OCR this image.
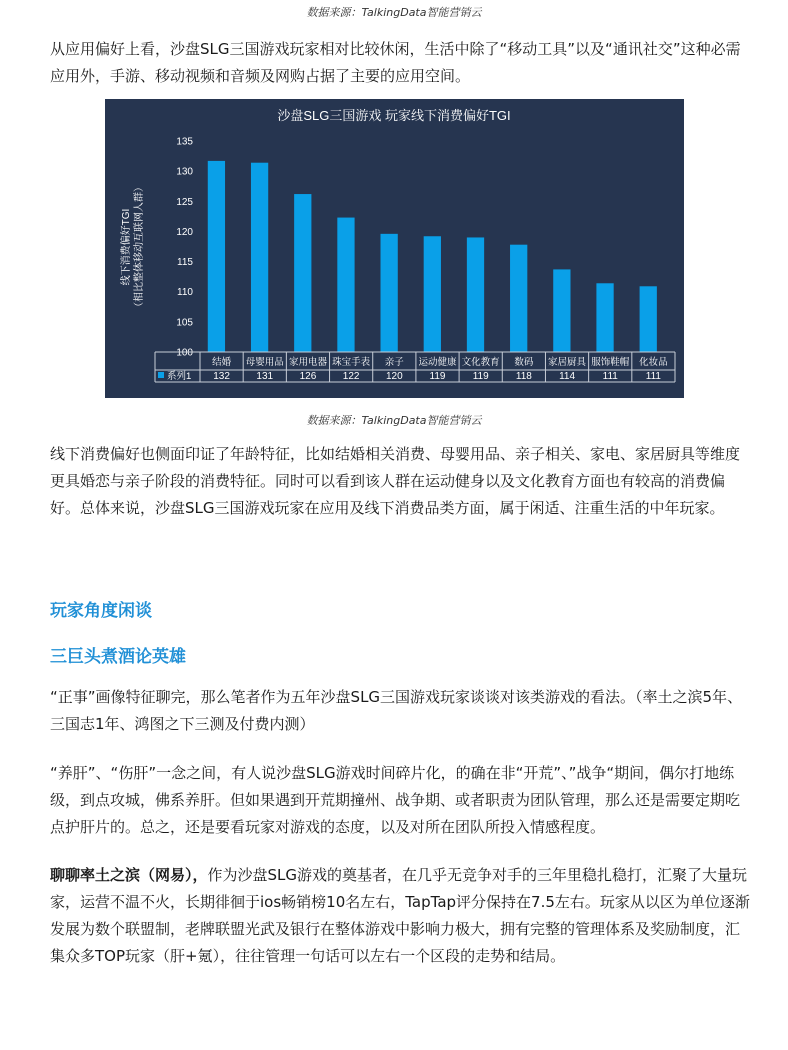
数据来源：TalkingData智能营销云

从应用偏好上看，沙盘SLG三国游戏玩家相对比较休闲，生活中除了“移动工具”以及“通讯社交”这种必需应用外，手游、移动视频和音频及网购占据了主要的应用空间。

沙盘SLG三国游戏 玩家线下消费偏好TGI
线下消费偏好TGI （相比整体移动互联网人群）
135
130
125
120
115
110
105
100
结婚 母婴用品 家用电器 珠宝手表 亲子 运动健康 文化教育 数码 家居厨具 服饰鞋帽 化妆品
132	131	126	122	120	119	119	118	114	111	111
系列1
数据来源：TalkingData智能营销云

线下消费偏好也侧面印证了年龄特征，比如结婚相关消费、母婴用品、亲子相关、家电、家居厨具等维度更具婚恋与亲子阶段的消费特征。同时可以看到该人群在运动健身以及文化教育方面也有较高的消费偏好。总体来说，沙盘SLG三国游戏玩家在应用及线下消费品类方面，属于闲适、注重生活的中年玩家。

玩家角度闲谈
三巨头煮酒论英雄

“正事”画像特征聊完，那么笔者作为五年沙盘SLG三国游戏玩家谈谈对该类游戏的看法。（率土之滨5年、三国志1年、鸿图之下三测及付费内测）

“养肝”、“伤肝”一念之间，有人说沙盘SLG游戏时间碎片化，的确在非“开荒”、”战争“期间，偶尔打地练级，到点攻城，佛系养肝。但如果遇到开荒期撞州、战争期、或者职责为团队管理，那么还是需要定期吃点护肝片的。总之，还是要看玩家对游戏的态度，以及对所在团队所投入情感程度。

聊聊率土之滨（网易），作为沙盘SLG游戏的奠基者，在几乎无竞争对手的三年里稳扎稳打，汇聚了大量玩家，运营不温不火，长期徘徊于ios畅销榜10名左右，TapTap评分保持在7.5左右。玩家从以区为单位逐渐发展为数个联盟制，老牌联盟光武及银行在整体游戏中影响力极大，拥有完整的管理体系及奖励制度，汇集众多TOP玩家（肝+氪），往往管理一句话可以左右一个区段的走势和结局。
